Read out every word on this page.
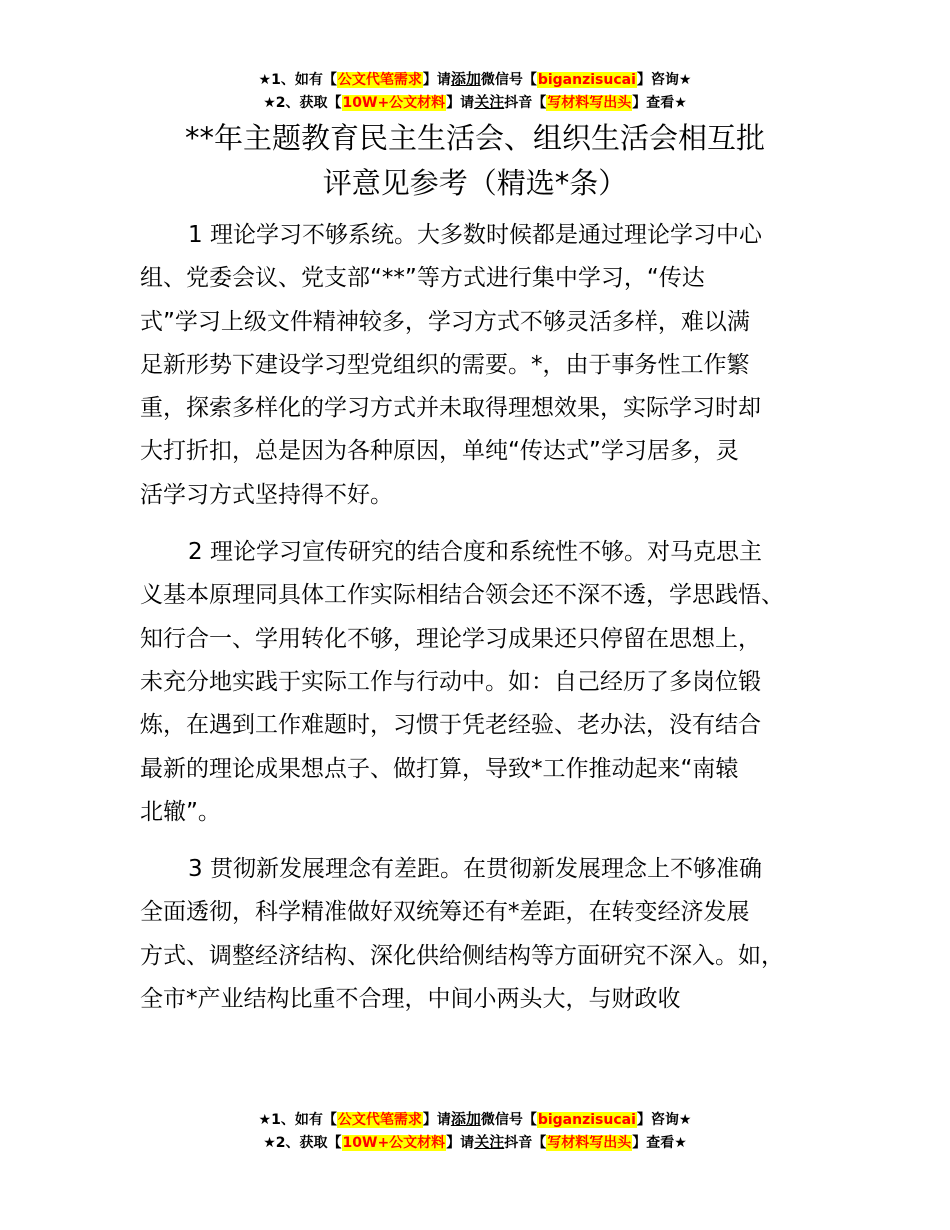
★1、如有【公文代笔需求】请添加微信号【biganzisucai】咨询★
★2、获取【10W+公文材料】请关注抖音【写材料写出头】查看★
**年主题教育民主生活会、组织生活会相互批
评意见参考（精选*条）
1 理论学习不够系统。大多数时候都是通过理论学习中心
组、党委会议、党支部“**”等方式进行集中学习，“传达
式”学习上级文件精神较多，学习方式不够灵活多样，难以满
足新形势下建设学习型党组织的需要。*，由于事务性工作繁
重，探索多样化的学习方式并未取得理想效果，实际学习时却
大打折扣，总是因为各种原因，单纯“传达式”学习居多，灵
活学习方式坚持得不好。
2 理论学习宣传研究的结合度和系统性不够。对马克思主
义基本原理同具体工作实际相结合领会还不深不透，学思践悟、
知行合一、学用转化不够，理论学习成果还只停留在思想上，
未充分地实践于实际工作与行动中。如：自己经历了多岗位锻
炼，在遇到工作难题时，习惯于凭老经验、老办法，没有结合
最新的理论成果想点子、做打算，导致*工作推动起来“南辕
北辙”。
3 贯彻新发展理念有差距。在贯彻新发展理念上不够准确
全面透彻，科学精准做好双统筹还有*差距，在转变经济发展
方式、调整经济结构、深化供给侧结构等方面研究不深入。如，
全市*产业结构比重不合理，中间小两头大，与财政收
★1、如有【公文代笔需求】请添加微信号【biganzisucai】咨询★
★2、获取【10W+公文材料】请关注抖音【写材料写出头】查看★
